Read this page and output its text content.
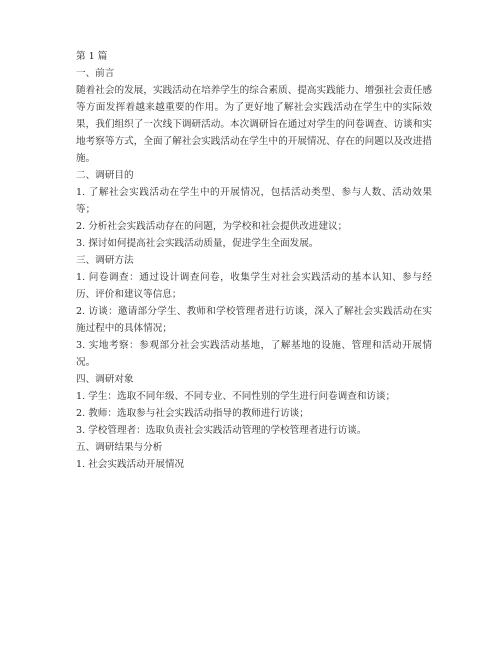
第 1 篇

一、前言

随着社会的发展，实践活动在培养学生的综合素质、提高实践能力、增强社会责任感等方面发挥着越来越重要的作用。为了更好地了解社会实践活动在学生中的实际效果，我们组织了一次线下调研活动。本次调研旨在通过对学生的问卷调查、访谈和实地考察等方式，全面了解社会实践活动在学生中的开展情况、存在的问题以及改进措施。

二、调研目的

1. 了解社会实践活动在学生中的开展情况，包括活动类型、参与人数、活动效果等；

2. 分析社会实践活动存在的问题，为学校和社会提供改进建议；

3. 探讨如何提高社会实践活动质量，促进学生全面发展。

三、调研方法

1. 问卷调查：通过设计调查问卷，收集学生对社会实践活动的基本认知、参与经历、评价和建议等信息；

2. 访谈：邀请部分学生、教师和学校管理者进行访谈，深入了解社会实践活动在实施过程中的具体情况；

3. 实地考察：参观部分社会实践活动基地，了解基地的设施、管理和活动开展情况。

四、调研对象

1. 学生：选取不同年级、不同专业、不同性别的学生进行问卷调查和访谈；

2. 教师：选取参与社会实践活动指导的教师进行访谈；

3. 学校管理者：选取负责社会实践活动管理的学校管理者进行访谈。

五、调研结果与分析

1. 社会实践活动开展情况
